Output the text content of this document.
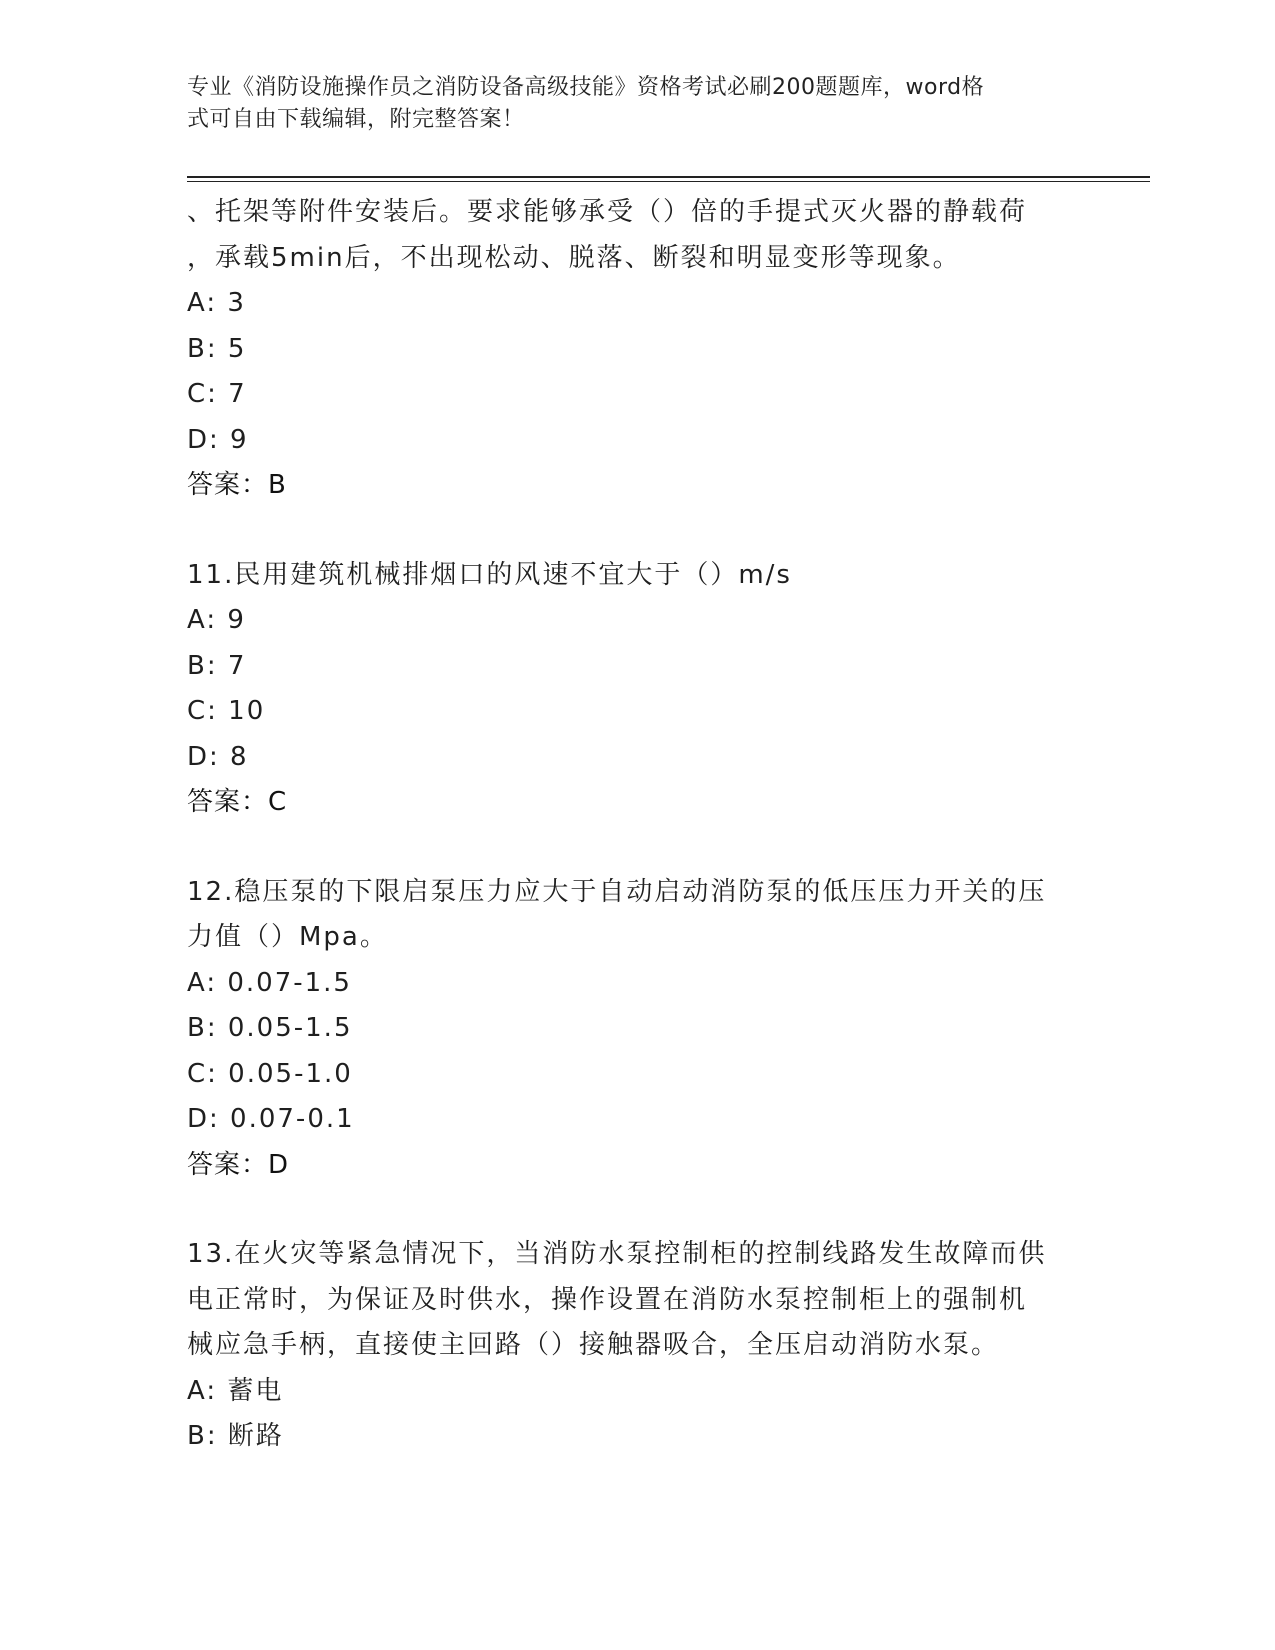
专业《消防设施操作员之消防设备高级技能》资格考试必刷200题题库，word格
式可自由下载编辑，附完整答案！

、托架等附件安装后。要求能够承受（）倍的手提式灭火器的静载荷

，承载5min后，不出现松动、脱落、断裂和明显变形等现象。

A: 3

B: 5

C: 7

D: 9

答案：B

11.民用建筑机械排烟口的风速不宜大于（）m/s

A: 9

B: 7

C: 10

D: 8

答案：C

12.稳压泵的下限启泵压力应大于自动启动消防泵的低压压力开关的压

力值（）Mpa。

A: 0.07-1.5

B: 0.05-1.5

C: 0.05-1.0

D: 0.07-0.1

答案：D

13.在火灾等紧急情况下，当消防水泵控制柜的控制线路发生故障而供

电正常时，为保证及时供水，操作设置在消防水泵控制柜上的强制机

械应急手柄，直接使主回路（）接触器吸合，全压启动消防水泵。

A: 蓄电

B: 断路
